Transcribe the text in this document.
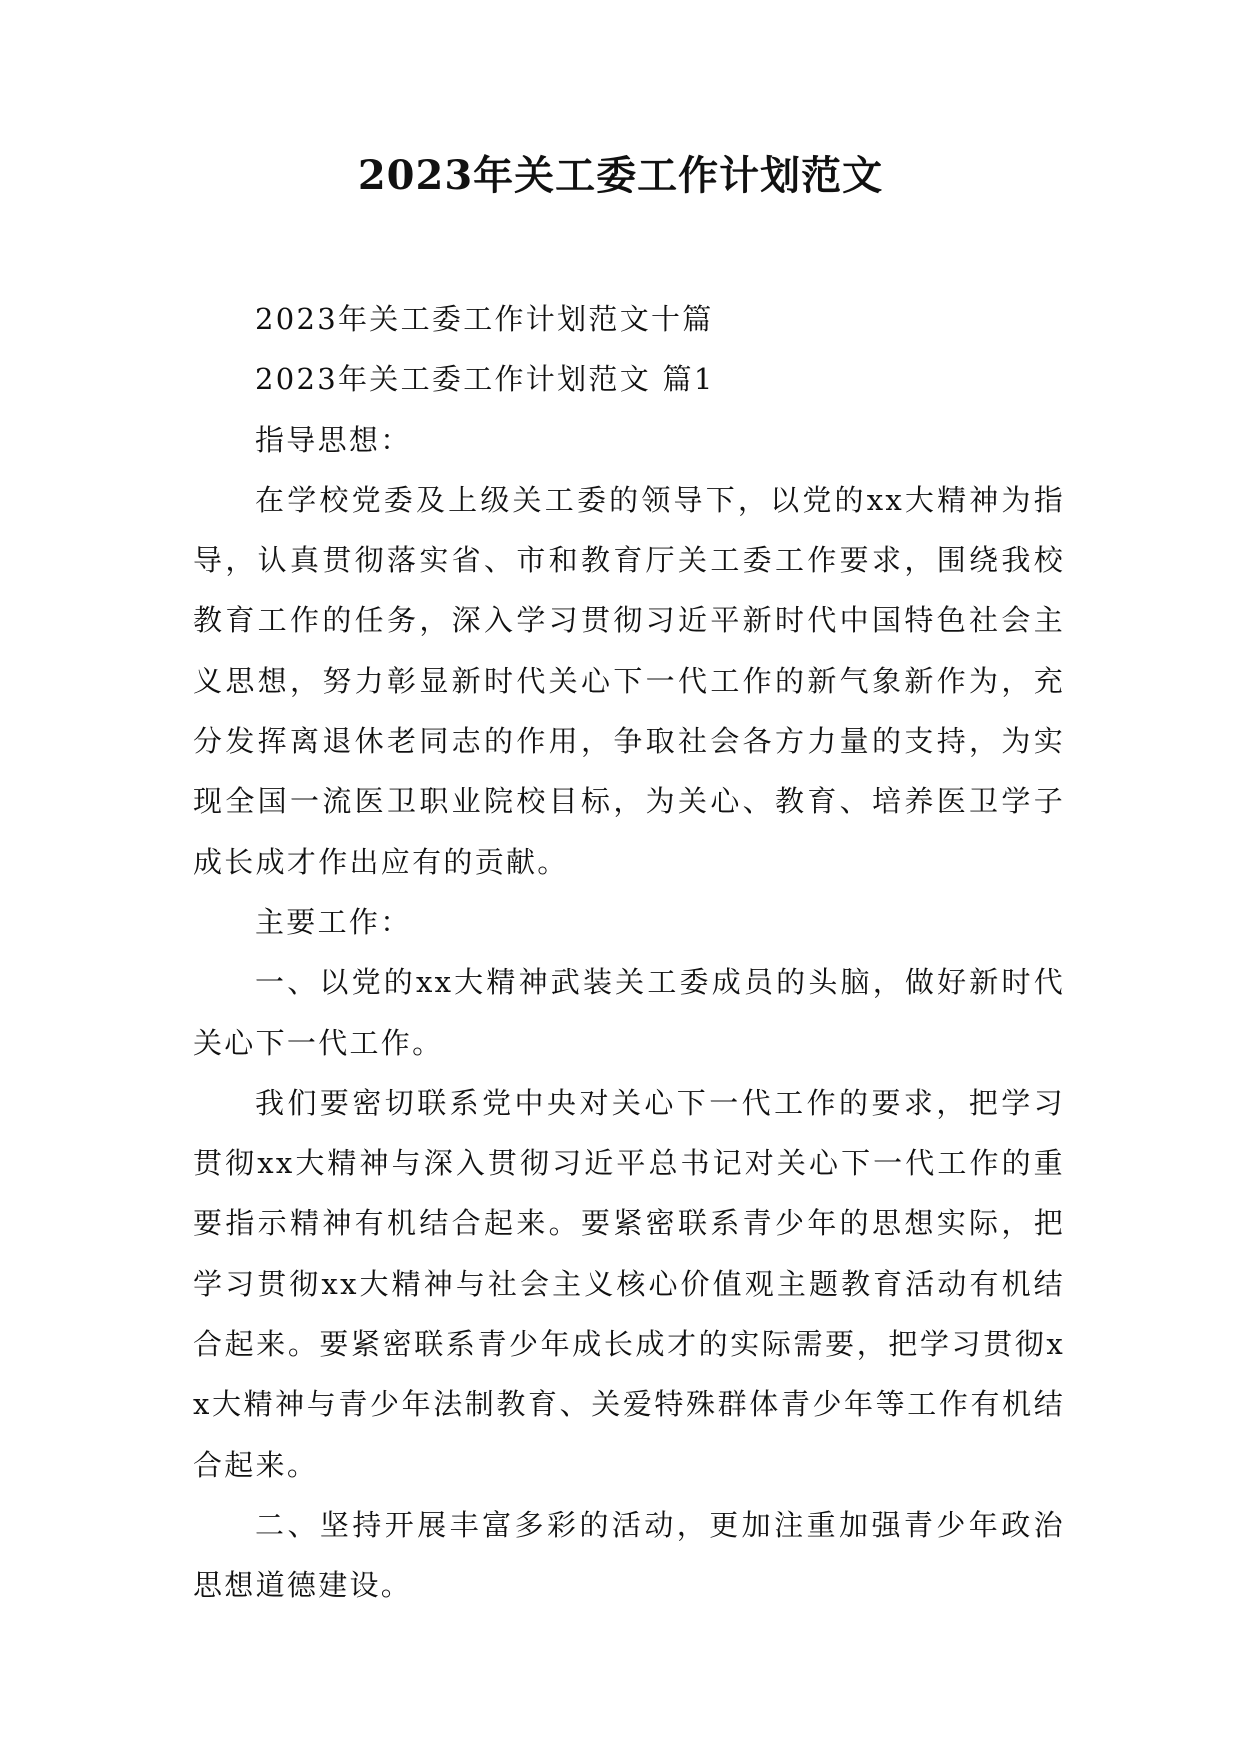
2023年关工委工作计划范文

2023年关工委工作计划范文十篇

2023年关工委工作计划范文 篇1

指导思想：

在学校党委及上级关工委的领导下，以党的xx大精神为指导，认真贯彻落实省、市和教育厅关工委工作要求，围绕我校教育工作的任务，深入学习贯彻习近平新时代中国特色社会主义思想，努力彰显新时代关心下一代工作的新气象新作为，充分发挥离退休老同志的作用，争取社会各方力量的支持，为实现全国一流医卫职业院校目标，为关心、教育、培养医卫学子成长成才作出应有的贡献。

主要工作：

一、以党的xx大精神武装关工委成员的头脑，做好新时代关心下一代工作。

我们要密切联系党中央对关心下一代工作的要求，把学习贯彻xx大精神与深入贯彻习近平总书记对关心下一代工作的重要指示精神有机结合起来。要紧密联系青少年的思想实际，把学习贯彻xx大精神与社会主义核心价值观主题教育活动有机结合起来。要紧密联系青少年成长成才的实际需要，把学习贯彻xx大精神与青少年法制教育、关爱特殊群体青少年等工作有机结合起来。

二、坚持开展丰富多彩的活动，更加注重加强青少年政治思想道德建设。
